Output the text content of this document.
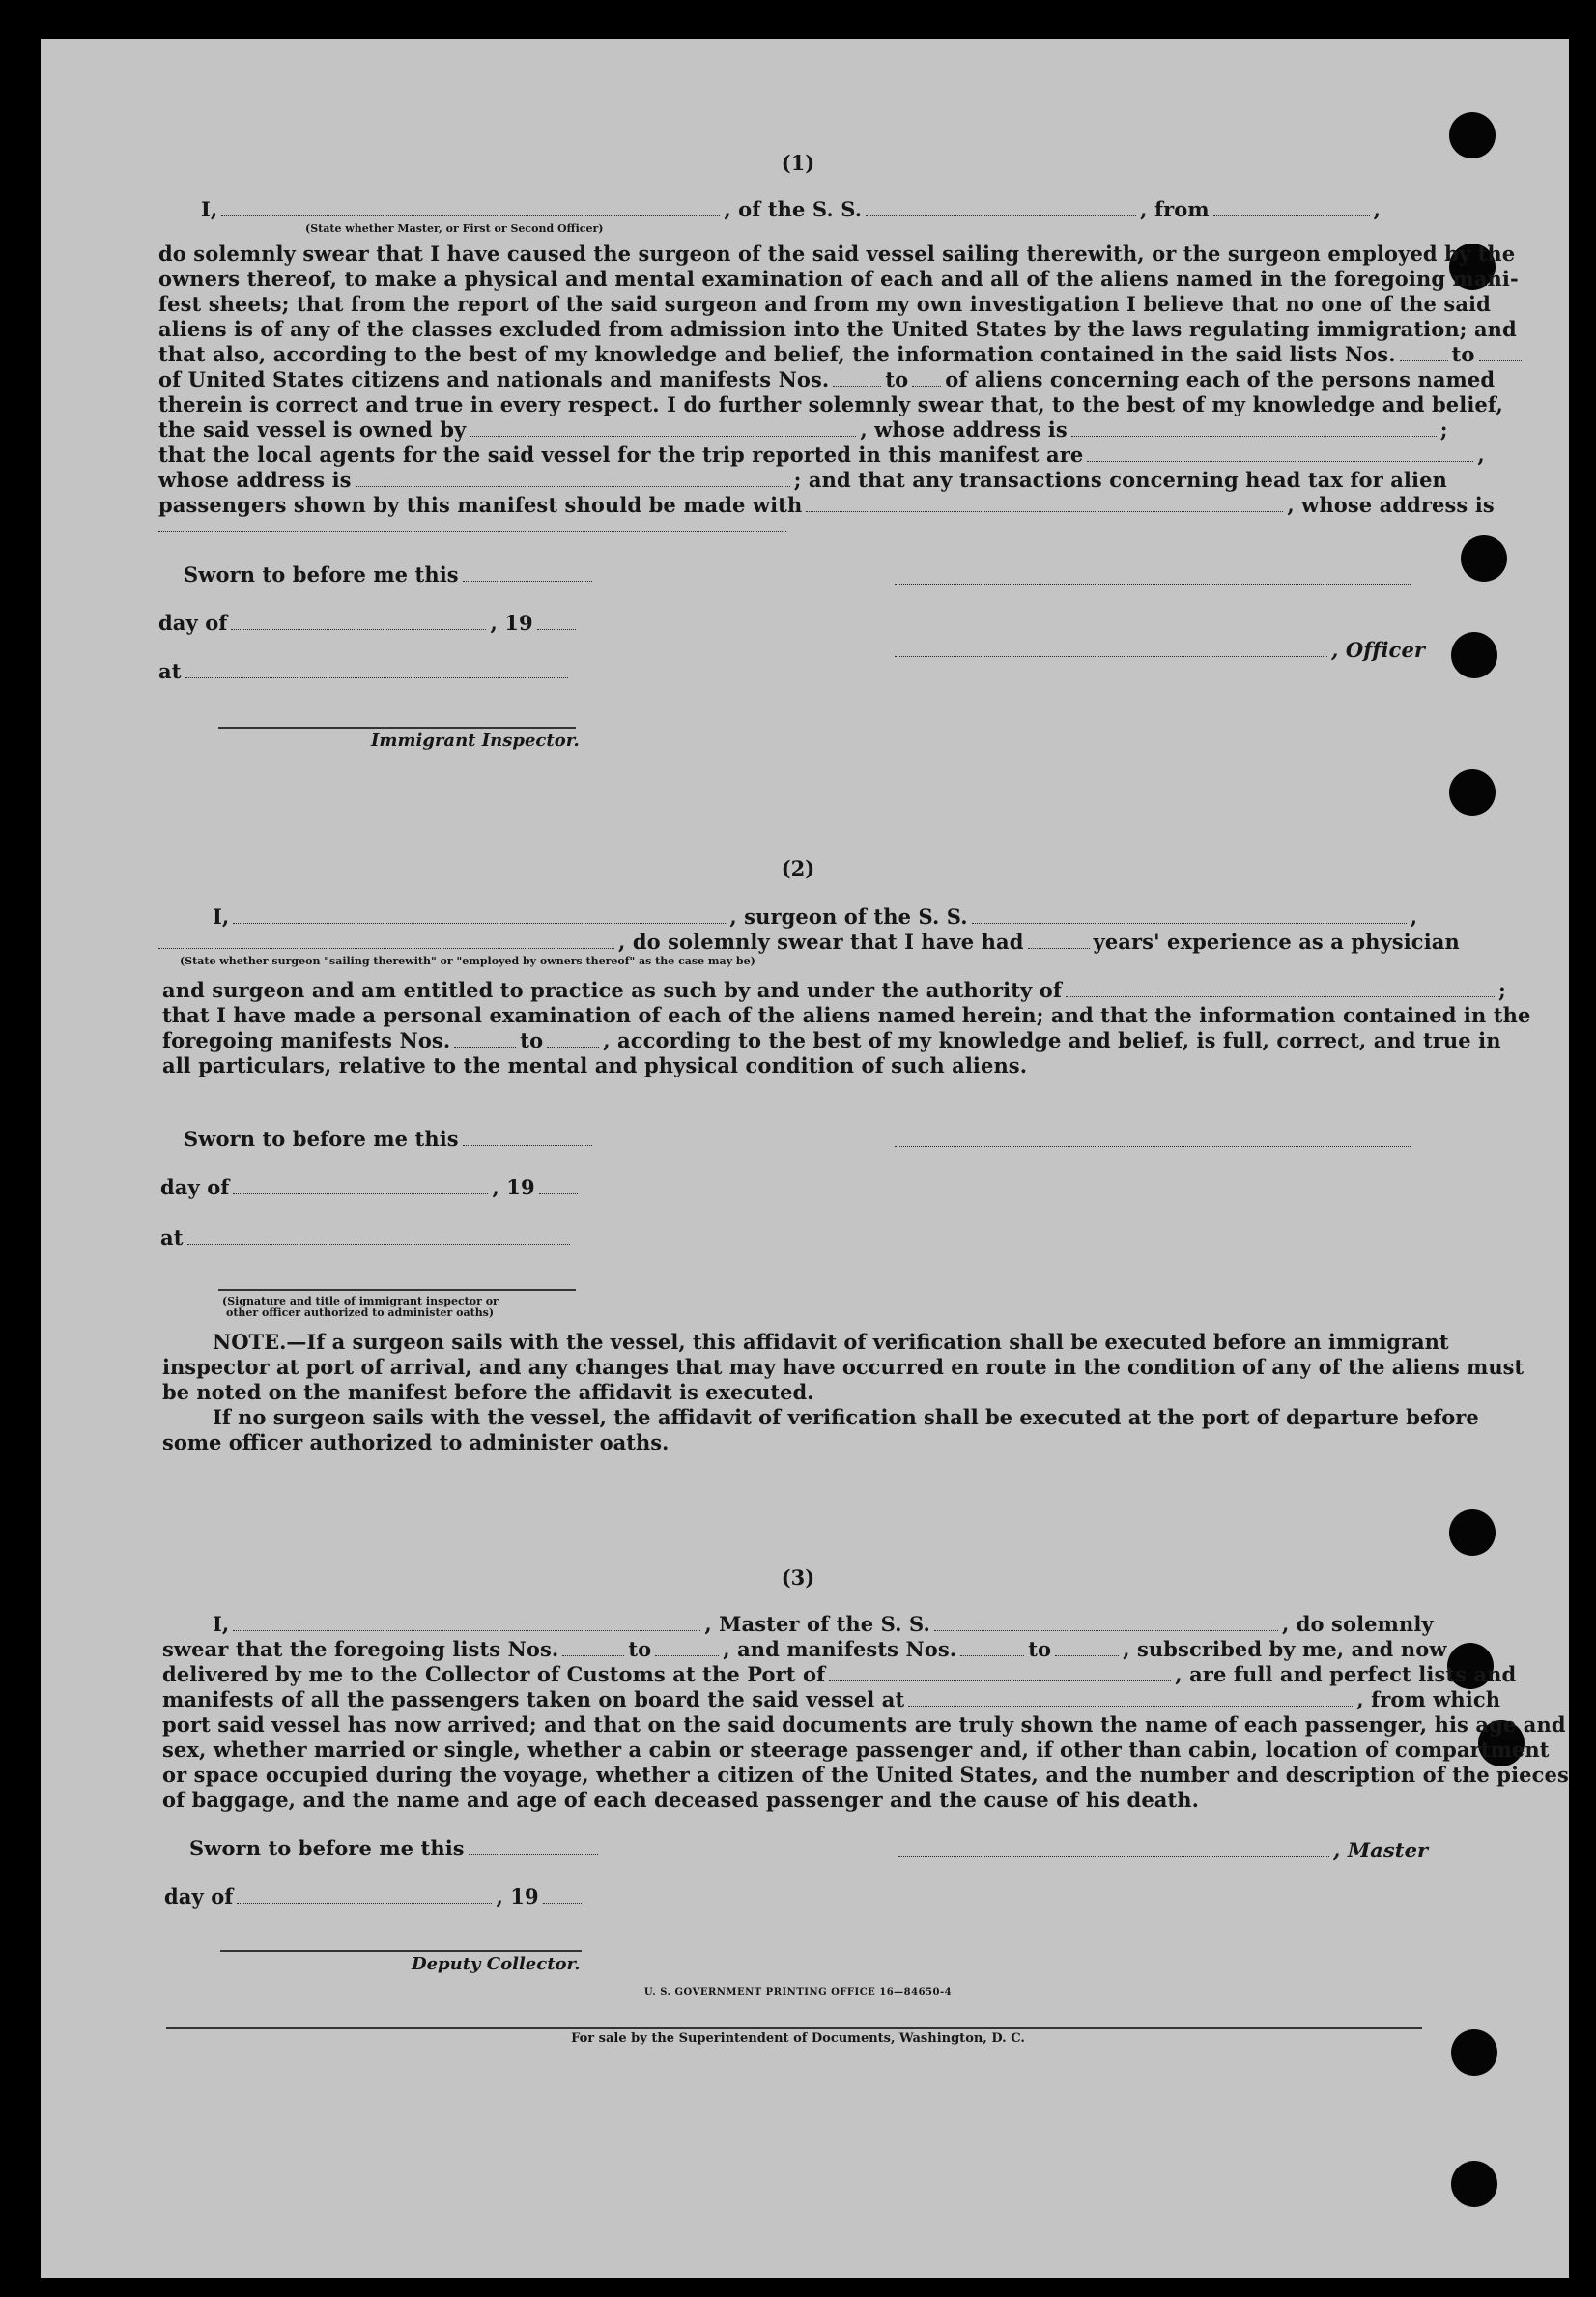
(1)
I,	, of the S. S.	, from	,
(State whether Master, or First or Second Officer)
do solemnly swear that I have caused the surgeon of the said vessel sailing therewith, or the surgeon employed by the
owners thereof, to make a physical and mental examination of each and all of the aliens named in the foregoing mani-
fest sheets; that from the report of the said surgeon and from my own investigation I believe that no one of the said
aliens is of any of the classes excluded from admission into the United States by the laws regulating immigration; and
that also, according to the best of my knowledge and belief, the information contained in the said lists Nos.	to
of United States citizens and nationals and manifests Nos.	to of aliens concerning each of the persons named
therein is correct and true in every respect. I do further solemnly swear that, to the best of my knowledge and belief,
the said vessel is owned by	, whose address is	;
that the local agents for the said vessel for the trip reported in this manifest are	,
whose address is	; and that any transactions concerning head tax for alien
passengers shown by this manifest should be made with	, whose address is
Sworn to before me this
day of	, 19
, Officer
at
Immigrant Inspector.
(2)
I,	, surgeon of the S. S.	,
, do solemnly swear that I have had	years' experience as a physician
(State whether surgeon "sailing therewith" or "employed by owners thereof" as the case may be)
and surgeon and am entitled to practice as such by and under the authority of	;
that I have made a personal examination of each of the aliens named herein; and that the information contained in the
foregoing manifests Nos.	to	, according to the best of my knowledge and belief, is full, correct, and true in
all particulars, relative to the mental and physical condition of such aliens.
Sworn to before me this
day of	, 19
at
(Signature and title of immigrant inspector or
other officer authorized to administer oaths)

NOTE.—If a surgeon sails with the vessel, this affidavit of verification shall be executed before an immigrant

inspector at port of arrival, and any changes that may have occurred en route in the condition of any of the aliens must

be noted on the manifest before the affidavit is executed.

If no surgeon sails with the vessel, the affidavit of verification shall be executed at the port of departure before

some officer authorized to administer oaths.

(3)
I,	, Master of the S. S.	, do solemnly
swear that the foregoing lists Nos.	to	, and manifests Nos.	to	, subscribed by me, and now
delivered by me to the Collector of Customs at the Port of	, are full and perfect lists and
manifests of all the passengers taken on board the said vessel at	, from which
port said vessel has now arrived; and that on the said documents are truly shown the name of each passenger, his age and
sex, whether married or single, whether a cabin or steerage passenger and, if other than cabin, location of compartment
or space occupied during the voyage, whether a citizen of the United States, and the number and description of the pieces
of baggage, and the name and age of each deceased passenger and the cause of his death.
Sworn to before me this	, Master
day of	, 19
Deputy Collector.
U. S. GOVERNMENT PRINTING OFFICE 16—84650-4
For sale by the Superintendent of Documents, Washington, D. C.
